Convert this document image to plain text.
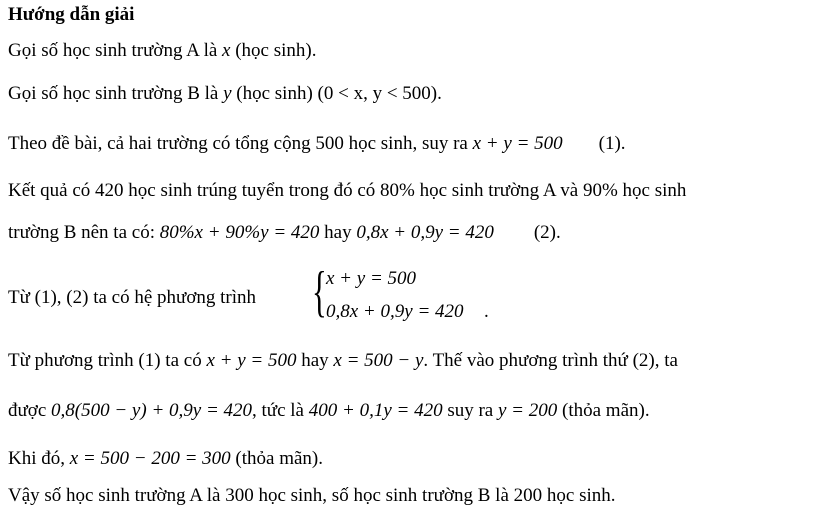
Hướng dẫn giải
Gọi số học sinh trường A là x (học sinh).
Gọi số học sinh trường B là y (học sinh) (0 < x, y < 500).
Theo đề bài, cả hai trường có tổng cộng 500 học sinh, suy ra x + y = 500 (1).
Kết quả có 420 học sinh trúng tuyển trong đó có 80% học sinh trường A và 90% học sinh
trường B nên ta có: 80%x + 90%y = 420 hay 0,8x + 0,9y = 420 (2).
Từ (1), (2) ta có hệ phương trình { x + y = 500
0,8x + 0,9y = 420 .
Từ phương trình (1) ta có x + y = 500 hay x = 500 − y. Thế vào phương trình thứ (2), ta
được 0,8(500 − y) + 0,9y = 420, tức là 400 + 0,1y = 420 suy ra y = 200 (thỏa mãn).
Khi đó, x = 500 − 200 = 300 (thỏa mãn).
Vậy số học sinh trường A là 300 học sinh, số học sinh trường B là 200 học sinh.
